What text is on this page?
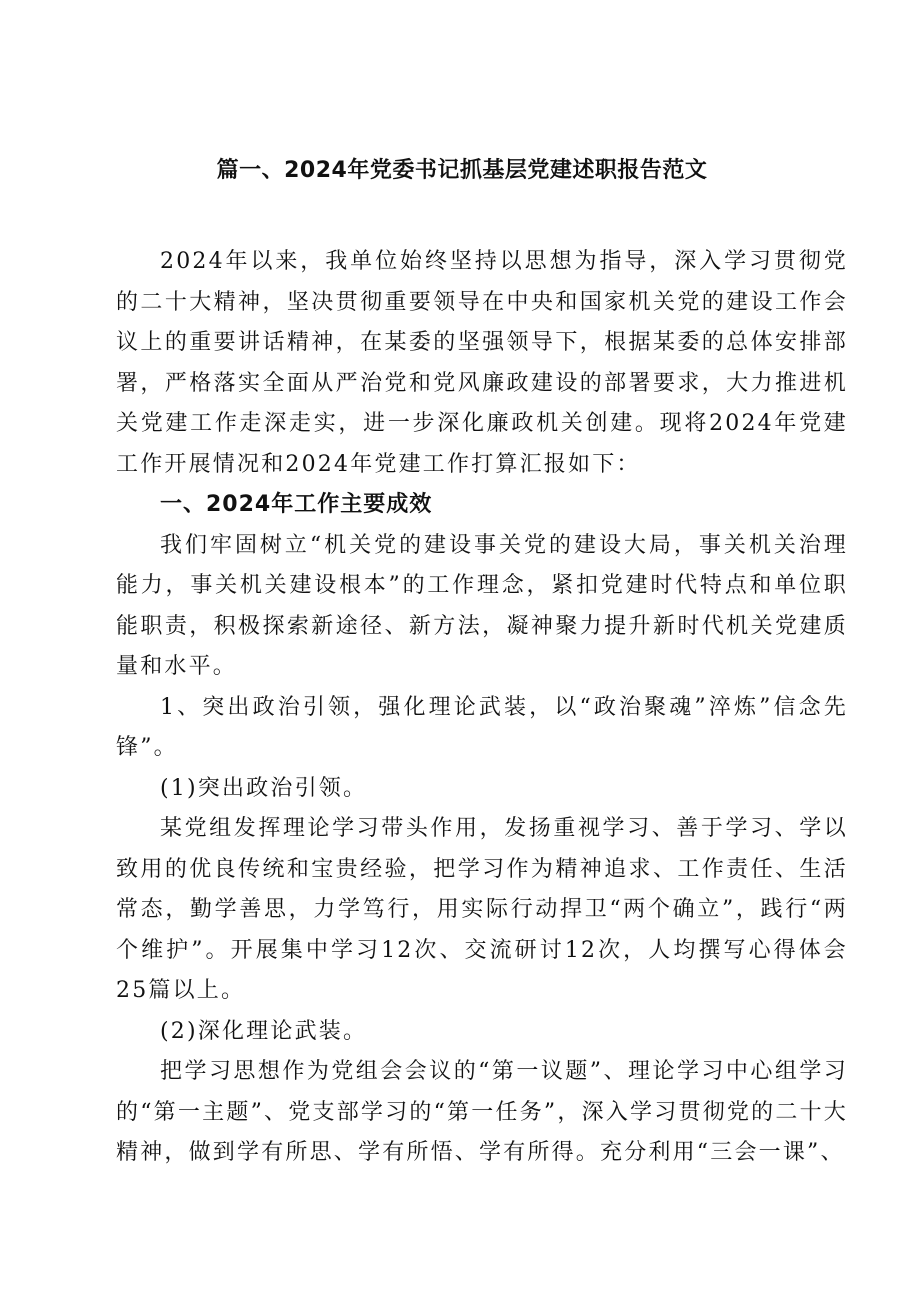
篇一、2024年党委书记抓基层党建述职报告范文

2024年以来，我单位始终坚持以思想为指导，深入学习贯彻党的二十大精神，坚决贯彻重要领导在中央和国家机关党的建设工作会议上的重要讲话精神，在某委的坚强领导下，根据某委的总体安排部署，严格落实全面从严治党和党风廉政建设的部署要求，大力推进机关党建工作走深走实，进一步深化廉政机关创建。现将2024年党建工作开展情况和2024年党建工作打算汇报如下：

一、2024年工作主要成效

我们牢固树立“机关党的建设事关党的建设大局，事关机关治理能力，事关机关建设根本”的工作理念，紧扣党建时代特点和单位职能职责，积极探索新途径、新方法，凝神聚力提升新时代机关党建质量和水平。

1、突出政治引领，强化理论武装，以“政治聚魂”淬炼”信念先锋”。

(1)突出政治引领。

某党组发挥理论学习带头作用，发扬重视学习、善于学习、学以致用的优良传统和宝贵经验，把学习作为精神追求、工作责任、生活常态，勤学善思，力学笃行，用实际行动捍卫“两个确立”，践行“两个维护”。开展集中学习12次、交流研讨12次，人均撰写心得体会25篇以上。

(2)深化理论武装。

把学习思想作为党组会会议的“第一议题”、理论学习中心组学习的“第一主题”、党支部学习的“第一任务”，深入学习贯彻党的二十大精神，做到学有所思、学有所悟、学有所得。充分利用“三会一课”、
